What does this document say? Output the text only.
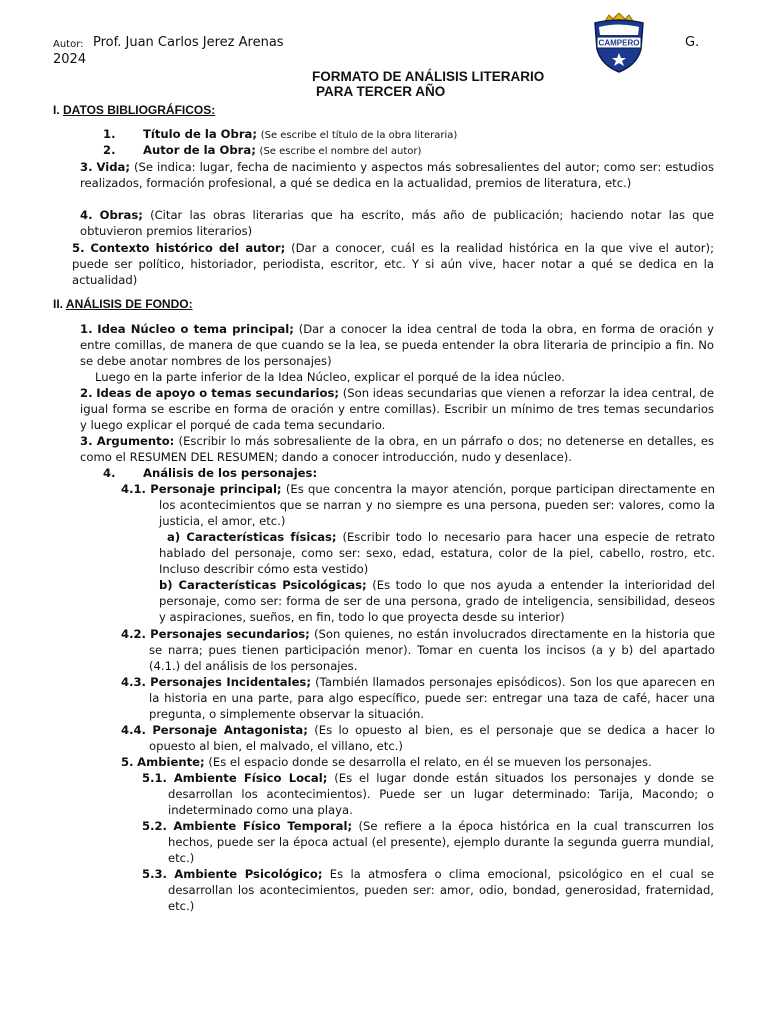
Autor: Prof. Juan Carlos Jerez Arenas	G.
2024
CAMPERO
FORMATO DE ANÁLISIS LITERARIO
PARA TERCER AÑO
I. DATOS BIBLIOGRÁFICOS:
1.	Título de la Obra; (Se escribe el título de la obra literaria)

2.	Autor de la Obra; (Se escribe el nombre del autor)

3. Vida; (Se indica: lugar, fecha de nacimiento y aspectos más sobresalientes del autor; como ser: estudios realizados, formación profesional, a qué se dedica en la actualidad, premios de literatura, etc.)

4. Obras; (Citar las obras literarias que ha escrito, más año de publicación; haciendo notar las que obtuvieron premios literarios)

5. Contexto histórico del autor; (Dar a conocer, cuál es la realidad histórica en la que vive el autor); puede ser político, historiador, periodista, escritor, etc. Y si aún vive, hacer notar a qué se dedica en la actualidad)

II. ANÁLISIS DE FONDO:

1. Idea Núcleo o tema principal; (Dar a conocer la idea central de toda la obra, en forma de oración y entre comillas, de manera de que cuando se la lea, se pueda entender la obra literaria de principio a fin. No se debe anotar nombres de los personajes)

Luego en la parte inferior de la Idea Núcleo, explicar el porqué de la idea núcleo.

2. Ideas de apoyo o temas secundarios; (Son ideas secundarias que vienen a reforzar la idea central, de igual forma se escribe en forma de oración y entre comillas). Escribir un mínimo de tres temas secundarios y luego explicar el porqué de cada tema secundario.

3. Argumento: (Escribir lo más sobresaliente de la obra, en un párrafo o dos; no detenerse en detalles, es como el RESUMEN DEL RESUMEN; dando a conocer introducción, nudo y desenlace).

4.	Análisis de los personajes:

4.1. Personaje principal; (Es que concentra la mayor atención, porque participan directamente en los acontecimientos que se narran y no siempre es una persona, pueden ser: valores, como la justicia, el amor, etc.)

a) Características físicas; (Escribir todo lo necesario para hacer una especie de retrato hablado del personaje, como ser: sexo, edad, estatura, color de la piel, cabello, rostro, etc. Incluso describir cómo esta vestido)

b) Características Psicológicas; (Es todo lo que nos ayuda a entender la interioridad del personaje, como ser: forma de ser de una persona, grado de inteligencia, sensibilidad, deseos y aspiraciones, sueños, en fin, todo lo que proyecta desde su interior)

4.2. Personajes secundarios; (Son quienes, no están involucrados directamente en la historia que se narra; pues tienen participación menor). Tomar en cuenta los incisos (a y b) del apartado (4.1.) del análisis de los personajes.

4.3. Personajes Incidentales; (También llamados personajes episódicos). Son los que aparecen en la historia en una parte, para algo específico, puede ser: entregar una taza de café, hacer una pregunta, o simplemente observar la situación.

4.4. Personaje Antagonista; (Es lo opuesto al bien, es el personaje que se dedica a hacer lo opuesto al bien, el malvado, el villano, etc.)

5. Ambiente; (Es el espacio donde se desarrolla el relato, en él se mueven los personajes.

5.1. Ambiente Físico Local; (Es el lugar donde están situados los personajes y donde se desarrollan los acontecimientos). Puede ser un lugar determinado: Tarija, Macondo; o indeterminado como una playa.

5.2. Ambiente Físico Temporal; (Se refiere a la época histórica en la cual transcurren los hechos, puede ser la época actual (el presente), ejemplo durante la segunda guerra mundial, etc.)

5.3. Ambiente Psicológico; Es la atmosfera o clima emocional, psicológico en el cual se desarrollan los acontecimientos, pueden ser: amor, odio, bondad, generosidad, fraternidad, etc.)
